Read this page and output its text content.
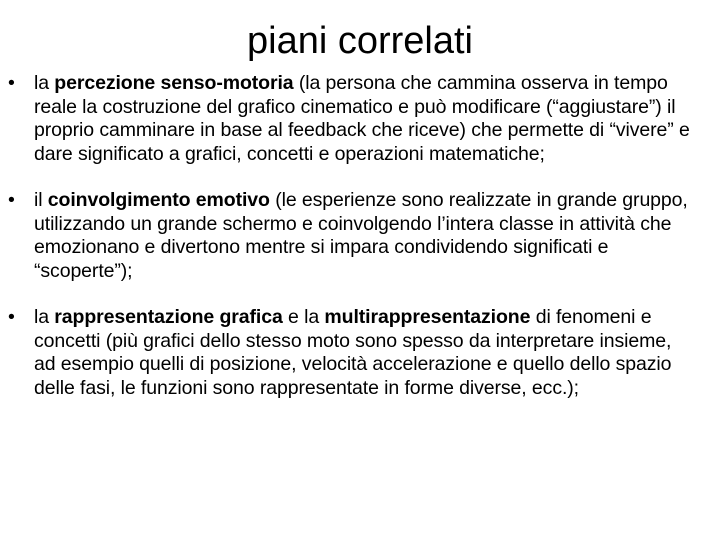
piani correlati
• la percezione senso-motoria (la persona che cammina osserva in tempo reale la costruzione del grafico cinematico e può modificare (“aggiustare”) il proprio camminare in base al feedback che riceve) che permette di “vivere” e dare significato a grafici, concetti e operazioni matematiche;
• il coinvolgimento emotivo (le esperienze sono realizzate in grande gruppo, utilizzando un grande schermo e coinvolgendo l’intera classe in attività che emozionano e divertono mentre si impara condividendo significati e “scoperte”);
• la rappresentazione grafica e la multirappresentazione di fenomeni e concetti (più grafici dello stesso moto sono spesso da interpretare insieme, ad esempio quelli di posizione, velocità accelerazione e quello dello spazio delle fasi, le funzioni sono rappresentate in forme diverse, ecc.);
